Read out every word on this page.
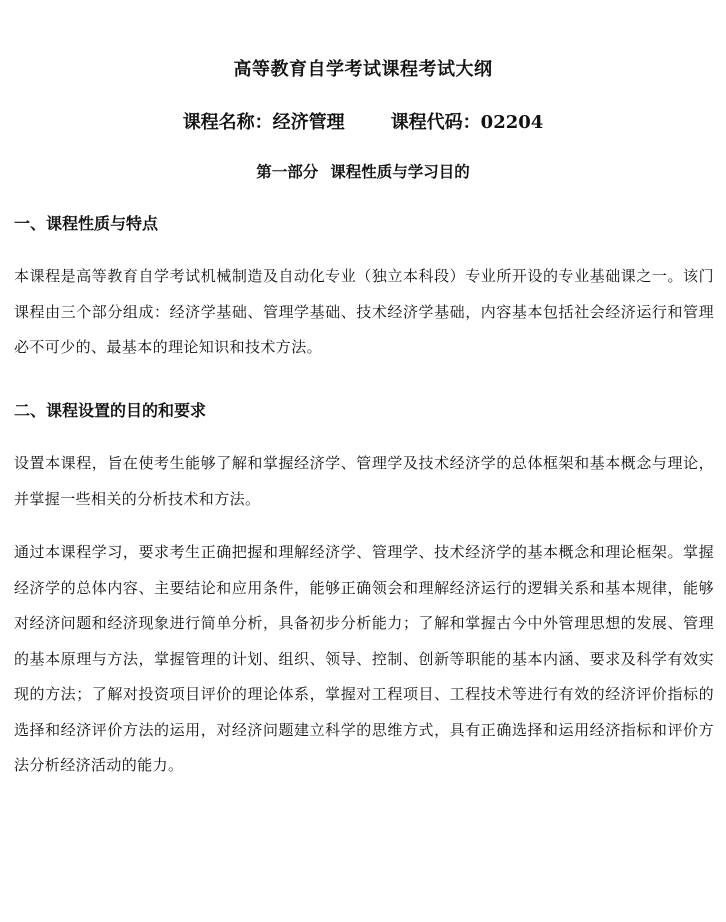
高等教育自学考试课程考试大纲
课程名称：经济管理	课程代码：02204
第一部分 课程性质与学习目的
一、课程性质与特点
本课程是高等教育自学考试机械制造及自动化专业（独立本科段）专业所开设的专业基础课之一。该门课程由三个部分组成：经济学基础、管理学基础、技术经济学基础，内容基本包括社会经济运行和管理必不可少的、最基本的理论知识和技术方法。
二、课程设置的目的和要求
设置本课程，旨在使考生能够了解和掌握经济学、管理学及技术经济学的总体框架和基本概念与理论，并掌握一些相关的分析技术和方法。
通过本课程学习，要求考生正确把握和理解经济学、管理学、技术经济学的基本概念和理论框架。掌握经济学的总体内容、主要结论和应用条件，能够正确领会和理解经济运行的逻辑关系和基本规律，能够对经济问题和经济现象进行简单分析，具备初步分析能力；了解和掌握古今中外管理思想的发展、管理的基本原理与方法，掌握管理的计划、组织、领导、控制、创新等职能的基本内涵、要求及科学有效实现的方法；了解对投资项目评价的理论体系，掌握对工程项目、工程技术等进行有效的经济评价指标的选择和经济评价方法的运用，对经济问题建立科学的思维方式，具有正确选择和运用经济指标和评价方法分析经济活动的能力。
